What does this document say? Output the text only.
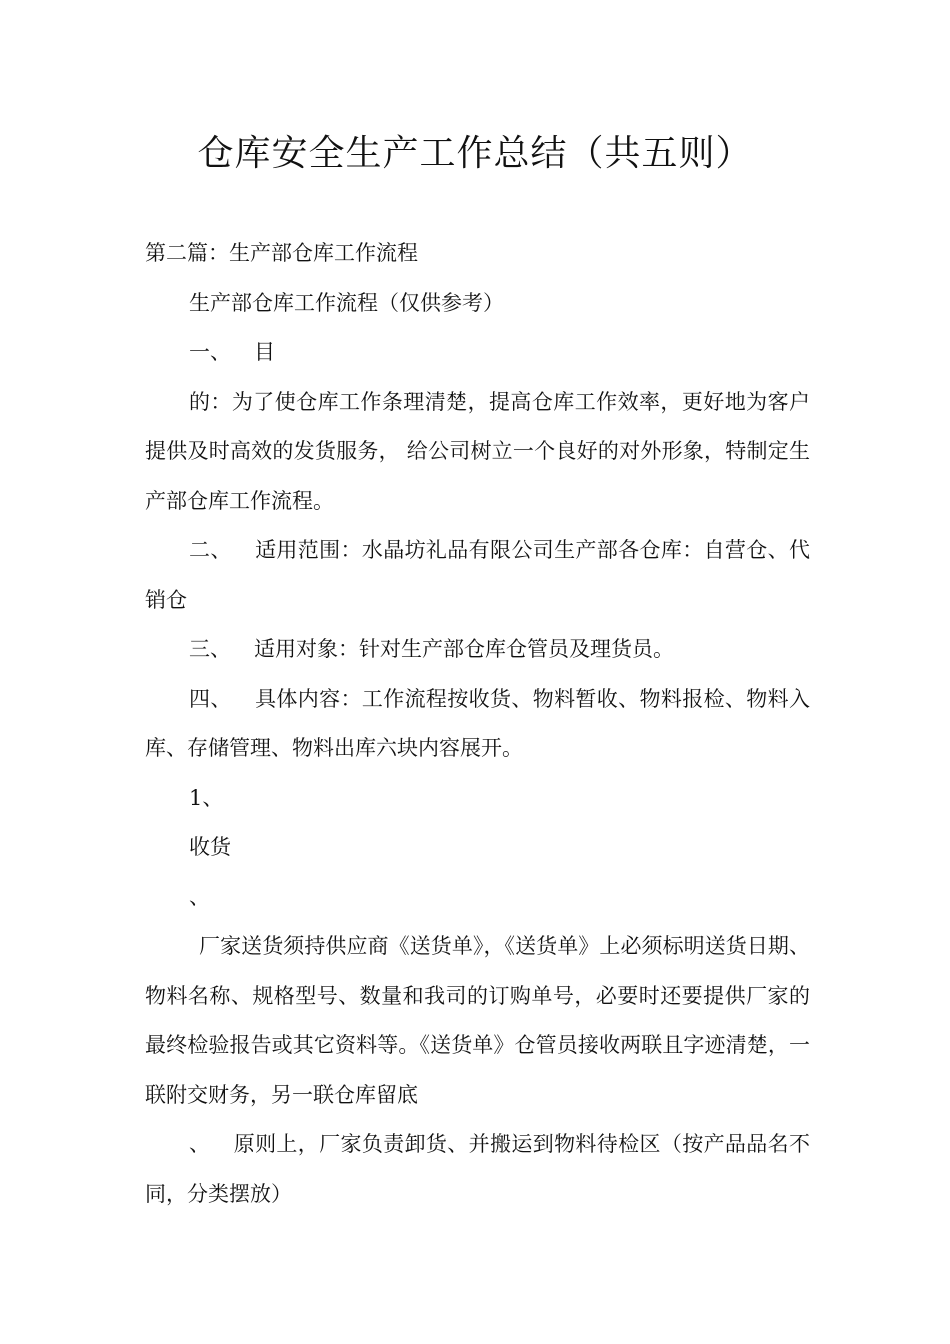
仓库安全生产工作总结（共五则）

第二篇：生产部仓库工作流程

生产部仓库工作流程（仅供参考）

一、 目

的：为了使仓库工作条理清楚，提高仓库工作效率，更好地为客户提供及时高效的发货服务， 给公司树立一个良好的对外形象，特制定生产部仓库工作流程。

二、 适用范围：水晶坊礼品有限公司生产部各仓库：自营仓、代销仓

三、 适用对象：针对生产部仓库仓管员及理货员。

四、 具体内容：工作流程按收货、物料暂收、物料报检、物料入库、存储管理、物料出库六块内容展开。

1、

收货

、

厂家送货须持供应商《送货单》，《送货单》上必须标明送货日期、物料名称、规格型号、数量和我司的订购单号，必要时还要提供厂家的最终检验报告或其它资料等。《送货单》仓管员接收两联且字迹清楚，一联附交财务，另一联仓库留底

、 原则上，厂家负责卸货、并搬运到物料待检区（按产品品名不同，分类摆放）
